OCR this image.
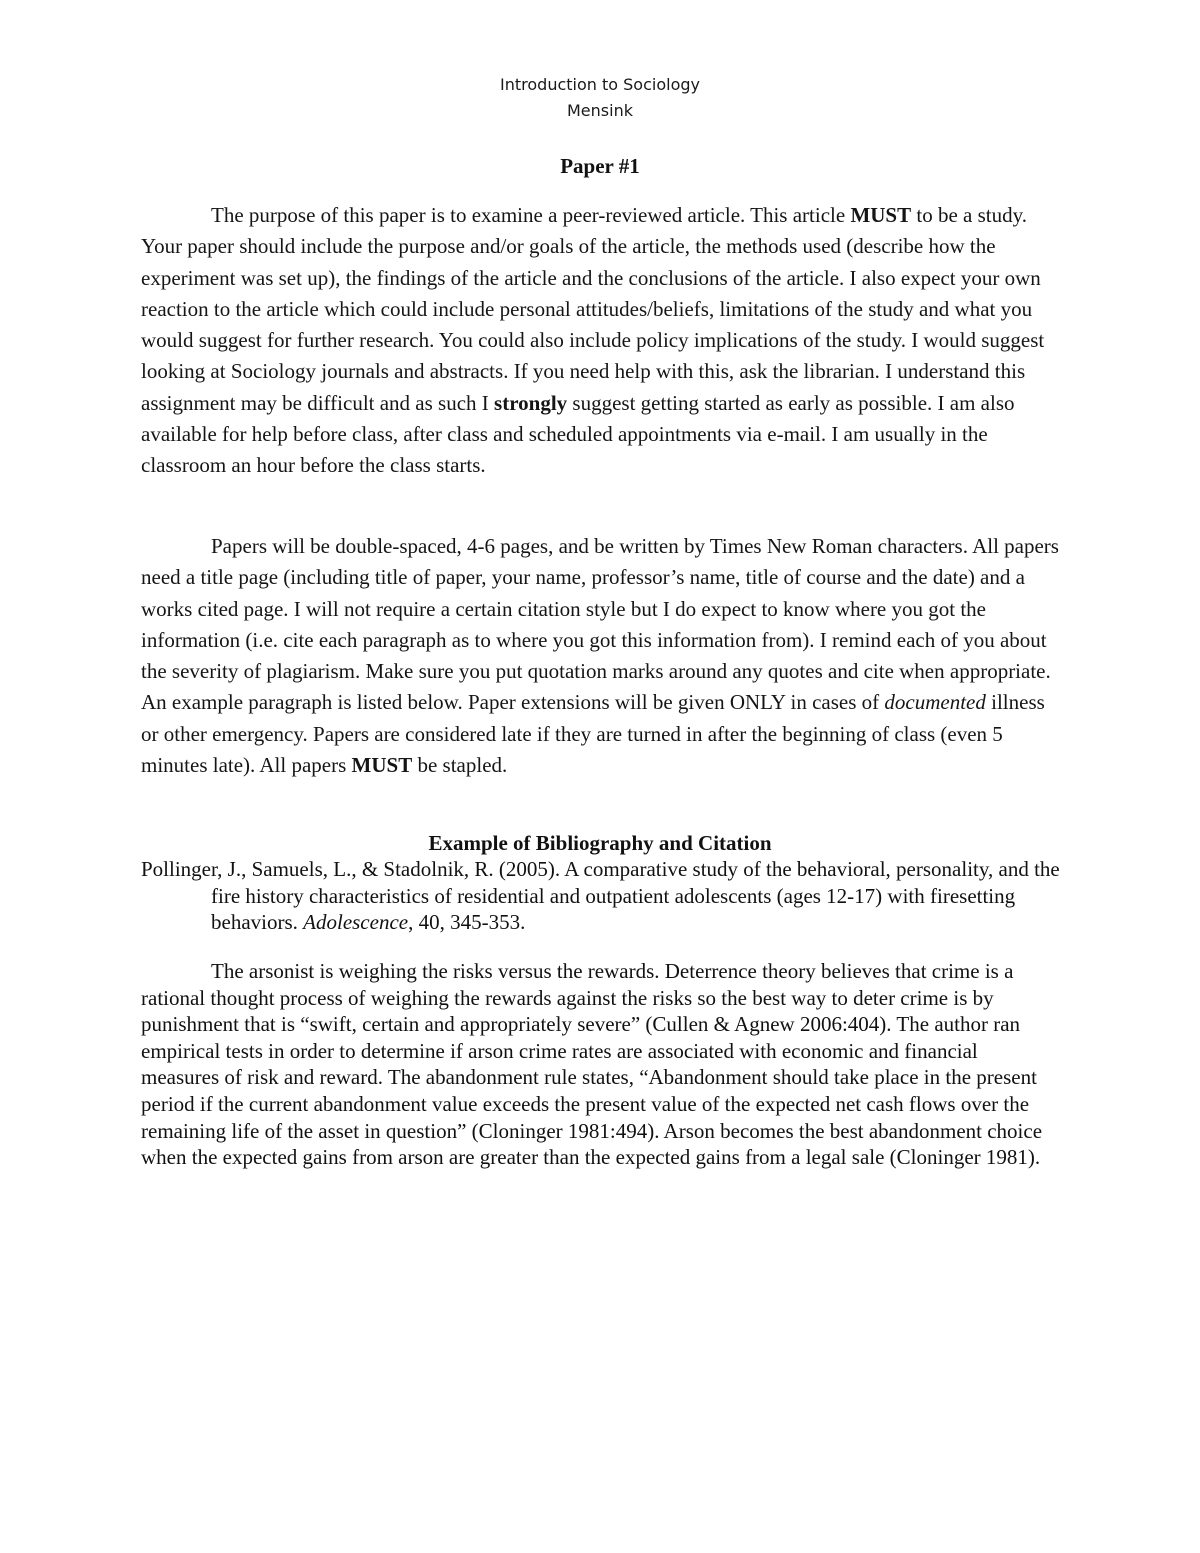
Introduction to Sociology
Mensink
Paper #1

The purpose of this paper is to examine a peer-reviewed article. This article MUST to be a study. Your paper should include the purpose and/or goals of the article, the methods used (describe how the experiment was set up), the findings of the article and the conclusions of the article. I also expect your own reaction to the article which could include personal attitudes/beliefs, limitations of the study and what you would suggest for further research. You could also include policy implications of the study. I would suggest looking at Sociology journals and abstracts. If you need help with this, ask the librarian. I understand this assignment may be difficult and as such I strongly suggest getting started as early as possible. I am also available for help before class, after class and scheduled appointments via e-mail. I am usually in the classroom an hour before the class starts.

Papers will be double-spaced, 4-6 pages, and be written by Times New Roman characters. All papers need a title page (including title of paper, your name, professor’s name, title of course and the date) and a works cited page. I will not require a certain citation style but I do expect to know where you got the information (i.e. cite each paragraph as to where you got this information from). I remind each of you about the severity of plagiarism. Make sure you put quotation marks around any quotes and cite when appropriate. An example paragraph is listed below. Paper extensions will be given ONLY in cases of documented illness or other emergency. Papers are considered late if they are turned in after the beginning of class (even 5 minutes late). All papers MUST be stapled.

Example of Bibliography and Citation

Pollinger, J., Samuels, L., & Stadolnik, R. (2005). A comparative study of the behavioral, personality, and the fire history characteristics of residential and outpatient adolescents (ages 12-17) with firesetting behaviors. Adolescence, 40, 345-353.

The arsonist is weighing the risks versus the rewards. Deterrence theory believes that crime is a rational thought process of weighing the rewards against the risks so the best way to deter crime is by punishment that is “swift, certain and appropriately severe” (Cullen & Agnew 2006:404). The author ran empirical tests in order to determine if arson crime rates are associated with economic and financial measures of risk and reward. The abandonment rule states, “Abandonment should take place in the present period if the current abandonment value exceeds the present value of the expected net cash flows over the remaining life of the asset in question” (Cloninger 1981:494). Arson becomes the best abandonment choice when the expected gains from arson are greater than the expected gains from a legal sale (Cloninger 1981).
